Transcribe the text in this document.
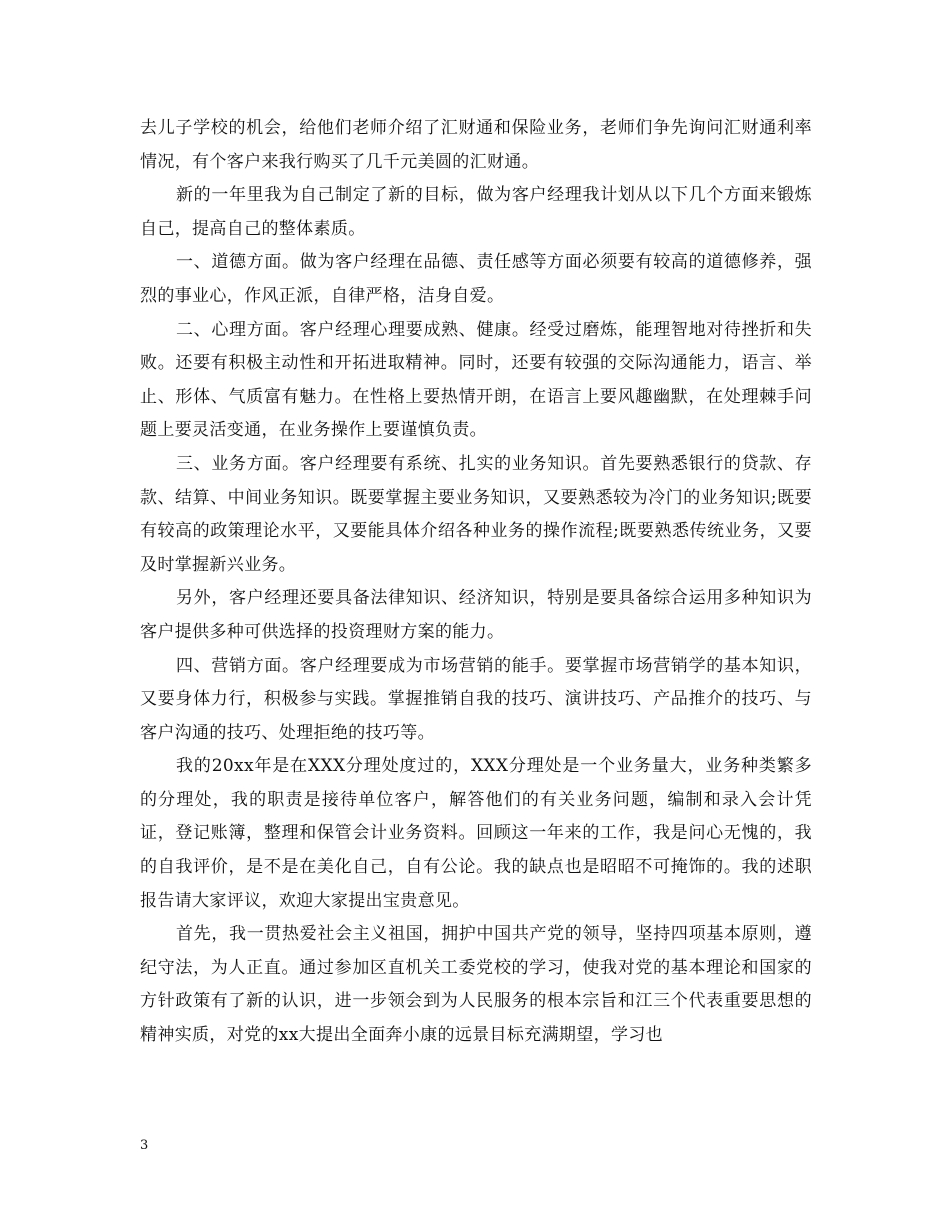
去儿子学校的机会，给他们老师介绍了汇财通和保险业务，老师们争先询问汇财通利率情况，有个客户来我行购买了几千元美圆的汇财通。

新的一年里我为自己制定了新的目标，做为客户经理我计划从以下几个方面来锻炼自己，提高自己的整体素质。

一、道德方面。做为客户经理在品德、责任感等方面必须要有较高的道德修养，强烈的事业心，作风正派，自律严格，洁身自爱。

二、心理方面。客户经理心理要成熟、健康。经受过磨炼，能理智地对待挫折和失败。还要有积极主动性和开拓进取精神。同时，还要有较强的交际沟通能力，语言、举止、形体、气质富有魅力。在性格上要热情开朗，在语言上要风趣幽默，在处理棘手问题上要灵活变通，在业务操作上要谨慎负责。

三、业务方面。客户经理要有系统、扎实的业务知识。首先要熟悉银行的贷款、存款、结算、中间业务知识。既要掌握主要业务知识，又要熟悉较为冷门的业务知识;既要有较高的政策理论水平，又要能具体介绍各种业务的操作流程;既要熟悉传统业务，又要及时掌握新兴业务。

另外，客户经理还要具备法律知识、经济知识，特别是要具备综合运用多种知识为客户提供多种可供选择的投资理财方案的能力。

四、营销方面。客户经理要成为市场营销的能手。要掌握市场营销学的基本知识，又要身体力行，积极参与实践。掌握推销自我的技巧、演讲技巧、产品推介的技巧、与客户沟通的技巧、处理拒绝的技巧等。

我的20xx年是在XXX分理处度过的，XXX分理处是一个业务量大，业务种类繁多的分理处，我的职责是接待单位客户，解答他们的有关业务问题，编制和录入会计凭证，登记账簿，整理和保管会计业务资料。回顾这一年来的工作，我是问心无愧的，我的自我评价，是不是在美化自己，自有公论。我的缺点也是昭昭不可掩饰的。我的述职报告请大家评议，欢迎大家提出宝贵意见。

首先，我一贯热爱社会主义祖国，拥护中国共产党的领导，坚持四项基本原则，遵纪守法，为人正直。通过参加区直机关工委党校的学习，使我对党的基本理论和国家的方针政策有了新的认识，进一步领会到为人民服务的根本宗旨和江三个代表重要思想的精神实质，对党的xx大提出全面奔小康的远景目标充满期望，学习也

3
